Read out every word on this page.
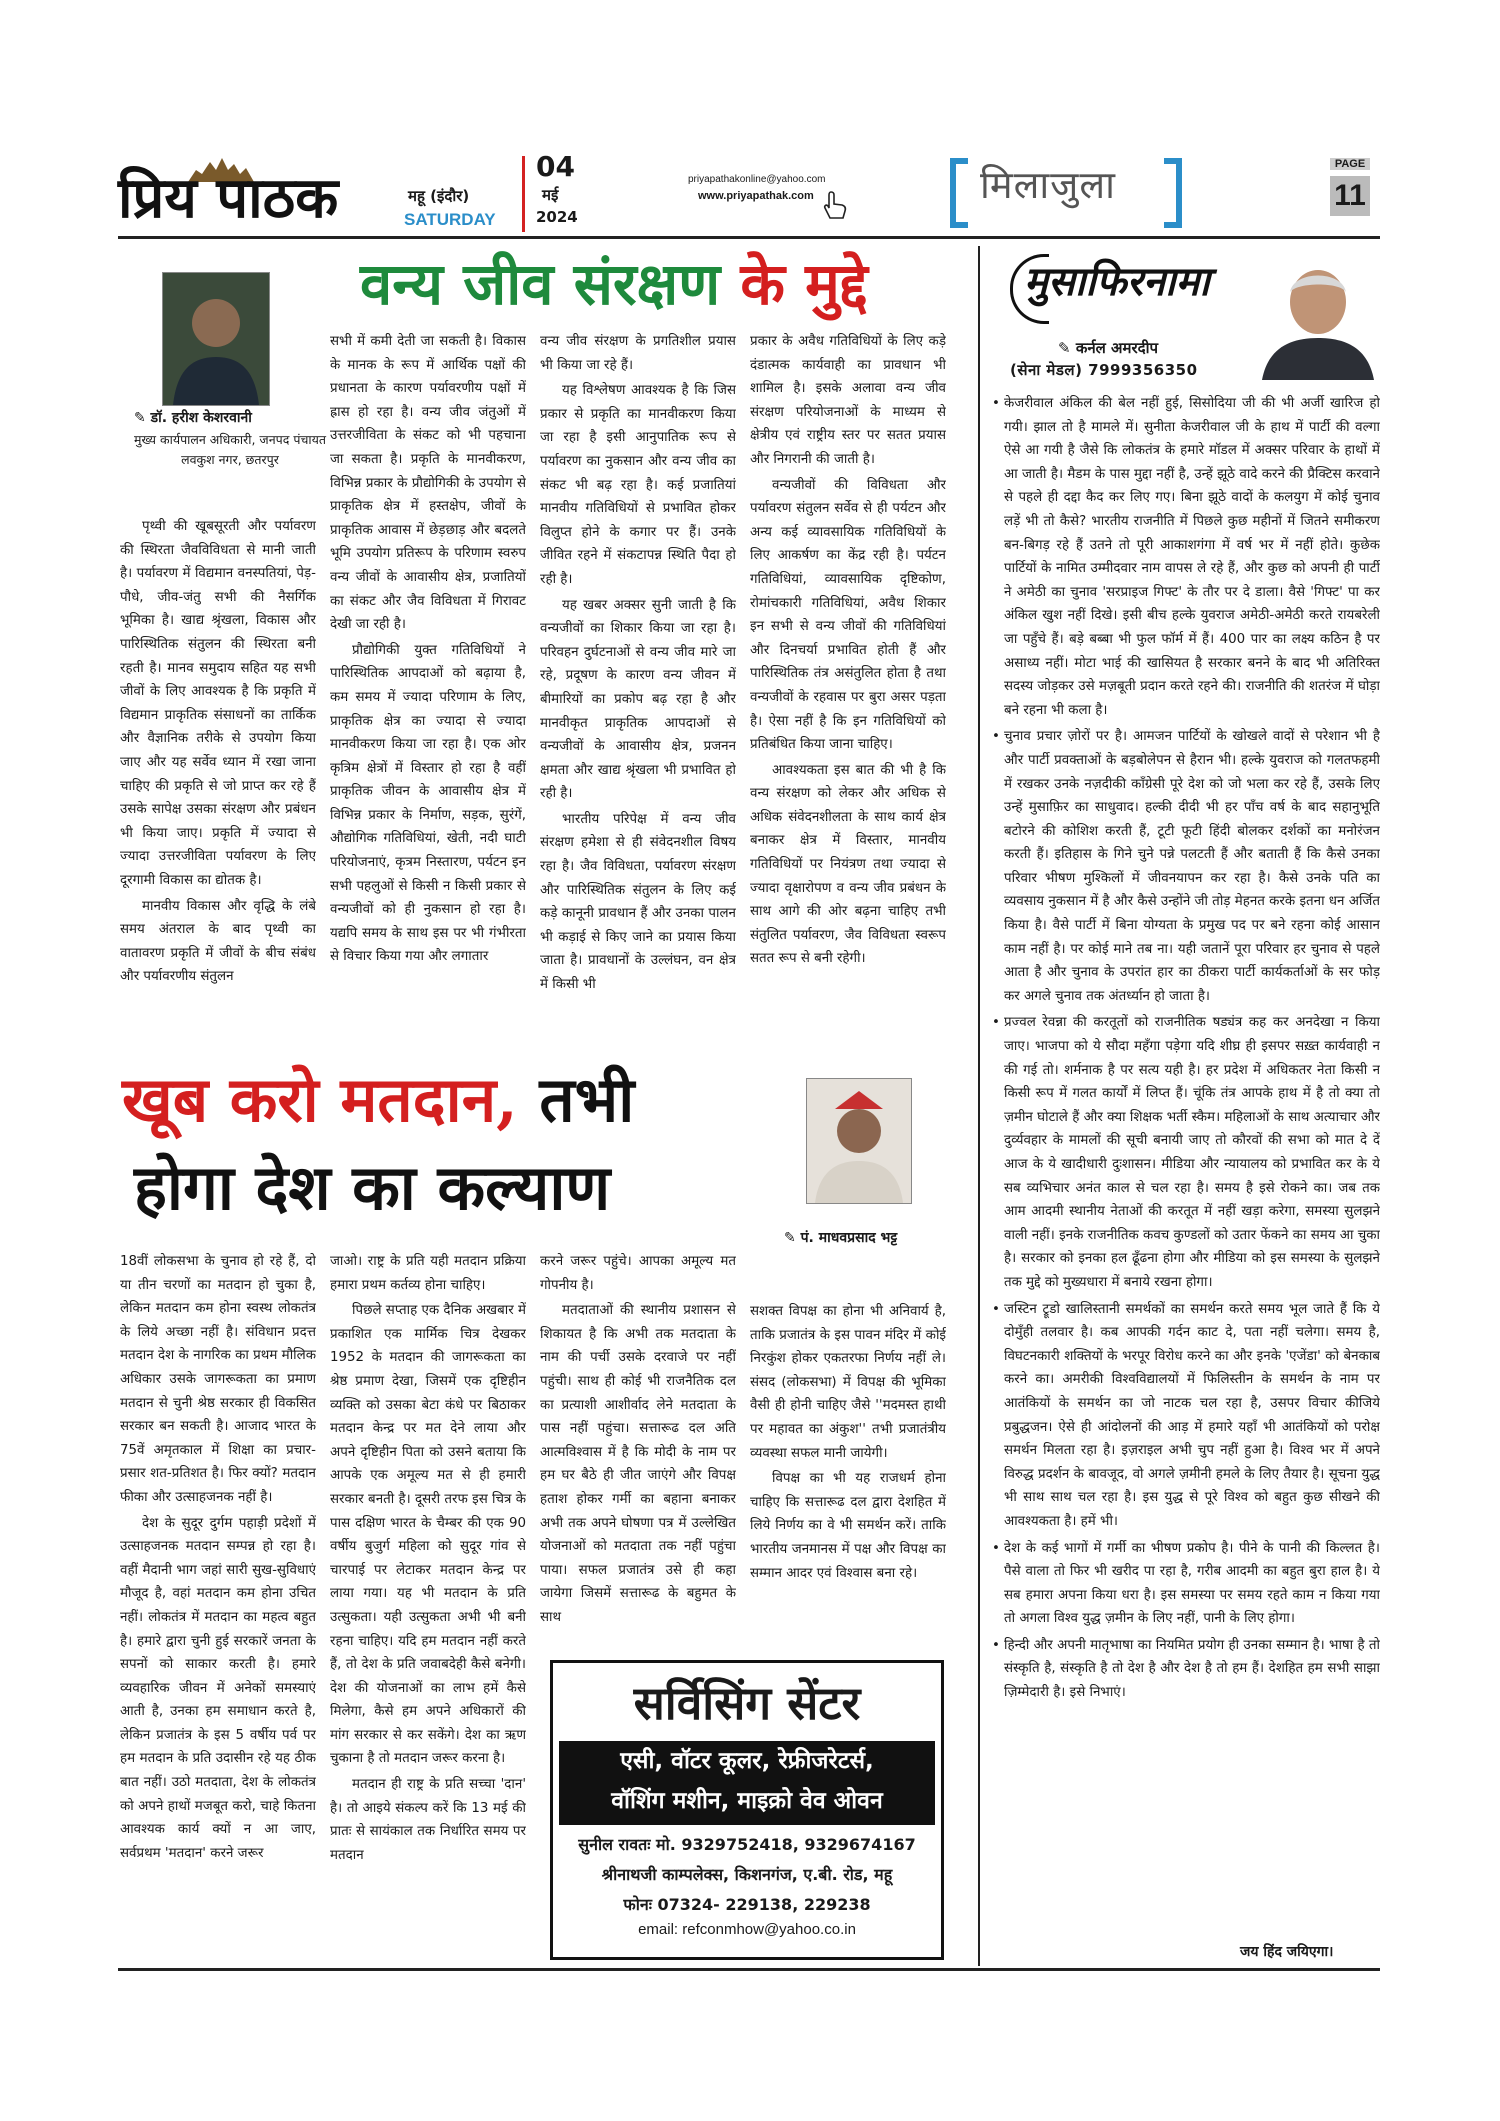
प्रिय पाठक	महू (इंदौर)
SATURDAY
04
मई
2024
priyapathakonline@yahoo.com
www.priyapathak.com	मिलाजुला	PAGE
11
वन्य जीव संरक्षण के मुद्दे
✎ डॉ. हरीश केशरवानी
मुख्य कार्यपालन अधिकारी, जनपद पंचायत लवकुश नगर, छतरपुर

पृथ्वी की खूबसूरती और पर्यावरण की स्थिरता जैवविविधता से मानी जाती है। पर्यावरण में विद्यमान वनस्पतियां, पेड़-पौधे, जीव-जंतु सभी की नैसर्गिक भूमिका है। खाद्य श्रृंखला, विकास और पारिस्थितिक संतुलन की स्थिरता बनी रहती है। मानव समुदाय सहित यह सभी जीवों के लिए आवश्यक है कि प्रकृति में विद्यमान प्राकृतिक संसाधनों का तार्किक और वैज्ञानिक तरीके से उपयोग किया जाए और यह सर्वेव ध्यान में रखा जाना चाहिए की प्रकृति से जो प्राप्त कर रहे हैं उसके सापेक्ष उसका संरक्षण और प्रबंधन भी किया जाए। प्रकृति में ज्यादा से ज्यादा उत्तरजीविता पर्यावरण के लिए दूरगामी विकास का द्योतक है।

मानवीय विकास और वृद्धि के लंबे समय अंतराल के बाद पृथ्वी का वातावरण प्रकृति में जीवों के बीच संबंध और पर्यावरणीय संतुलन

सभी में कमी देती जा सकती है। विकास के मानक के रूप में आर्थिक पक्षों की प्रधानता के कारण पर्यावरणीय पक्षों में ह्रास हो रहा है। वन्य जीव जंतुओं में उत्तरजीविता के संकट को भी पहचाना जा सकता है। प्रकृति के मानवीकरण, विभिन्न प्रकार के प्रौद्योगिकी के उपयोग से प्राकृतिक क्षेत्र में हस्तक्षेप, जीवों के प्राकृतिक आवास में छेड़छाड़ और बदलते भूमि उपयोग प्रतिरूप के परिणाम स्वरुप वन्य जीवों के आवासीय क्षेत्र, प्रजातियों का संकट और जैव विविधता में गिरावट देखी जा रही है।

प्रौद्योगिकी युक्त गतिविधियों ने पारिस्थितिक आपदाओं को बढ़ाया है, कम समय में ज्यादा परिणाम के लिए, प्राकृतिक क्षेत्र का ज्यादा से ज्यादा मानवीकरण किया जा रहा है। एक ओर कृत्रिम क्षेत्रों में विस्तार हो रहा है वहीं प्राकृतिक जीवन के आवासीय क्षेत्र में विभिन्न प्रकार के निर्माण, सड़क, सुरंगें, औद्योगिक गतिविधियां, खेती, नदी घाटी परियोजनाएं, कृत्रम निस्तारण, पर्यटन इन सभी पहलुओं से किसी न किसी प्रकार से वन्यजीवों को ही नुकसान हो रहा है। यद्यपि समय के साथ इस पर भी गंभीरता से विचार किया गया और लगातार

वन्य जीव संरक्षण के प्रगतिशील प्रयास भी किया जा रहे हैं।

यह विश्लेषण आवश्यक है कि जिस प्रकार से प्रकृति का मानवीकरण किया जा रहा है इसी आनुपातिक रूप से पर्यावरण का नुकसान और वन्य जीव का संकट भी बढ़ रहा है। कई प्रजातियां मानवीय गतिविधियों से प्रभावित होकर विलुप्त होने के कगार पर हैं। उनके जीवित रहने में संकटापन्न स्थिति पैदा हो रही है।

यह खबर अक्सर सुनी जाती है कि वन्यजीवों का शिकार किया जा रहा है। परिवहन दुर्घटनाओं से वन्य जीव मारे जा रहे, प्रदूषण के कारण वन्य जीवन में बीमारियों का प्रकोप बढ़ रहा है और मानवीकृत प्राकृतिक आपदाओं से वन्यजीवों के आवासीय क्षेत्र, प्रजनन क्षमता और खाद्य श्रृंखला भी प्रभावित हो रही है।

भारतीय परिपेक्ष में वन्य जीव संरक्षण हमेशा से ही संवेदनशील विषय रहा है। जैव विविधता, पर्यावरण संरक्षण और पारिस्थितिक संतुलन के लिए कई कड़े कानूनी प्रावधान हैं और उनका पालन भी कड़ाई से किए जाने का प्रयास किया जाता है। प्रावधानों के उल्लंघन, वन क्षेत्र में किसी भी

प्रकार के अवैध गतिविधियों के लिए कड़े दंडात्मक कार्यवाही का प्रावधान भी शामिल है। इसके अलावा वन्य जीव संरक्षण परियोजनाओं के माध्यम से क्षेत्रीय एवं राष्ट्रीय स्तर पर सतत प्रयास और निगरानी की जाती है।

वन्यजीवों की विविधता और पर्यावरण संतुलन सर्वेव से ही पर्यटन और अन्य कई व्यावसायिक गतिविधियों के लिए आकर्षण का केंद्र रही है। पर्यटन गतिविधियां, व्यावसायिक दृष्टिकोण, रोमांचकारी गतिविधियां, अवैध शिकार इन सभी से वन्य जीवों की गतिविधियां और दिनचर्या प्रभावित होती हैं और पारिस्थितिक तंत्र असंतुलित होता है तथा वन्यजीवों के रहवास पर बुरा असर पड़ता है। ऐसा नहीं है कि इन गतिविधियों को प्रतिबंधित किया जाना चाहिए।

आवश्यकता इस बात की भी है कि वन्य संरक्षण को लेकर और अधिक से अधिक संवेदनशीलता के साथ कार्य क्षेत्र बनाकर क्षेत्र में विस्तार, मानवीय गतिविधियों पर नियंत्रण तथा ज्यादा से ज्यादा वृक्षारोपण व वन्य जीव प्रबंधन के साथ आगे की ओर बढ़ना चाहिए तभी संतुलित पर्यावरण, जैव विविधता स्वरूप सतत रूप से बनी रहेगी।

खूब करो मतदान, तभी
होगा देश का कल्याण
✎ पं. माधवप्रसाद भट्ट

18वीं लोकसभा के चुनाव हो रहे हैं, दो या तीन चरणों का मतदान हो चुका है, लेकिन मतदान कम होना स्वस्थ लोकतंत्र के लिये अच्छा नहीं है। संविधान प्रदत्त मतदान देश के नागरिक का प्रथम मौलिक अधिकार उसके जागरूकता का प्रमाण मतदान से चुनी श्रेष्ठ सरकार ही विकसित सरकार बन सकती है। आजाद भारत के 75वें अमृतकाल में शिक्षा का प्रचार-प्रसार शत-प्रतिशत है। फिर क्यों? मतदान फीका और उत्साहजनक नहीं है।

देश के सुदूर दुर्गम पहाड़ी प्रदेशों में उत्साहजनक मतदान सम्पन्न हो रहा है। वहीं मैदानी भाग जहां सारी सुख-सुविधाएं मौजूद है, वहां मतदान कम होना उचित नहीं। लोकतंत्र में मतदान का महत्व बहुत है। हमारे द्वारा चुनी हुई सरकारें जनता के सपनों को साकार करती है। हमारे व्यवहारिक जीवन में अनेकों समस्याएं आती है, उनका हम समाधान करते है, लेकिन प्रजातंत्र के इस 5 वर्षीय पर्व पर हम मतदान के प्रति उदासीन रहे यह ठीक बात नहीं। उठो मतदाता, देश के लोकतंत्र को अपने हाथों मजबूत करो, चाहे कितना आवश्यक कार्य क्यों न आ जाए, सर्वप्रथम 'मतदान' करने जरूर

जाओ। राष्ट्र के प्रति यही मतदान प्रक्रिया हमारा प्रथम कर्तव्य होना चाहिए।

पिछले सप्ताह एक दैनिक अखबार में प्रकाशित एक मार्मिक चित्र देखकर 1952 के मतदान की जागरूकता का श्रेष्ठ प्रमाण देखा, जिसमें एक दृष्टिहीन व्यक्ति को उसका बेटा कंधे पर बिठाकर मतदान केन्द्र पर मत देने लाया और अपने दृष्टिहीन पिता को उसने बताया कि आपके एक अमूल्य मत से ही हमारी सरकार बनती है। दूसरी तरफ इस चित्र के पास दक्षिण भारत के चैम्बर की एक 90 वर्षीय बुजुर्ग महिला को सुदूर गांव से चारपाई पर लेटाकर मतदान केन्द्र पर लाया गया। यह भी मतदान के प्रति उत्सुकता। यही उत्सुकता अभी भी बनी रहना चाहिए। यदि हम मतदान नहीं करते हैं, तो देश के प्रति जवाबदेही कैसे बनेगी। देश की योजनाओं का लाभ हमें कैसे मिलेगा, कैसे हम अपने अधिकारों की मांग सरकार से कर सकेंगे। देश का ऋण चुकाना है तो मतदान जरूर करना है।

मतदान ही राष्ट्र के प्रति सच्चा 'दान' है। तो आइये संकल्प करें कि 13 मई की प्रातः से सायंकाल तक निर्धारित समय पर मतदान

करने जरूर पहुंचे। आपका अमूल्य मत गोपनीय है।

मतदाताओं की स्थानीय प्रशासन से शिकायत है कि अभी तक मतदाता के नाम की पर्ची उसके दरवाजे पर नहीं पहुंची। साथ ही कोई भी राजनैतिक दल का प्रत्याशी आशीर्वाद लेने मतदाता के पास नहीं पहुंचा। सत्तारूढ दल अति आत्मविश्वास में है कि मोदी के नाम पर हम घर बैठे ही जीत जाएंगे और विपक्ष हताश होकर गर्मी का बहाना बनाकर अभी तक अपने घोषणा पत्र में उल्लेखित योजनाओं को मतदाता तक नहीं पहुंचा पाया। सफल प्रजातंत्र उसे ही कहा जायेगा जिसमें सत्तारूढ के बहुमत के साथ

सशक्त विपक्ष का होना भी अनिवार्य है, ताकि प्रजातंत्र के इस पावन मंदिर में कोई निरकुंश होकर एकतरफा निर्णय नहीं ले। संसद (लोकसभा) में विपक्ष की भूमिका वैसी ही होनी चाहिए जैसे ''मदमस्त हाथी पर महावत का अंकुश'' तभी प्रजातंत्रीय व्यवस्था सफल मानी जायेगी।

विपक्ष का भी यह राजधर्म होना चाहिए कि सत्तारूढ दल द्वारा देशहित में लिये निर्णय का वे भी समर्थन करें। ताकि भारतीय जनमानस में पक्ष और विपक्ष का सम्मान आदर एवं विश्वास बना रहे।

सर्विसिंग सेंटर
एसी, वॉटर कूलर, रेफ्रीजरेटर्स,
वॉशिंग मशीन, माइक्रो वेव ओवन
सुनील रावतः मो. 9329752418, 9329674167
श्रीनाथजी काम्पलेक्स, किशनगंज, ए.बी. रोड, महू
फोनः 07324- 229138, 229238
email: refconmhow@yahoo.co.in
मुसाफिरनामा
✎ कर्नल अमरदीप
(सेना मेडल) 7999356350
• केजरीवाल अंकिल की बेल नहीं हुई, सिसोदिया जी की भी अर्जी खारिज हो गयी। झाल तो है मामले में। सुनीता केजरीवाल जी के हाथ में पार्टी की वल्गा ऐसे आ गयी है जैसे कि लोकतंत्र के हमारे मॉडल में अक्सर परिवार के हाथों में आ जाती है। मैडम के पास मुद्दा नहीं है, उन्हें झूठे वादे करने की प्रैक्टिस करवाने से पहले ही दद्दा कैद कर लिए गए। बिना झूठे वादों के कलयुग में कोई चुनाव लड़ें भी तो कैसे? भारतीय राजनीति में पिछले कुछ महीनों में जितने समीकरण बन-बिगड़ रहे हैं उतने तो पूरी आकाशगंगा में वर्ष भर में नहीं होते। कुछेक पार्टियों के नामित उम्मीदवार नाम वापस ले रहे हैं, और कुछ को अपनी ही पार्टी ने अमेठी का चुनाव 'सरप्राइज गिफ्ट' के तौर पर दे डाला। वैसे 'गिफ्ट' पा कर अंकिल खुश नहीं दिखे। इसी बीच हल्के युवराज अमेठी-अमेठी करते रायबरेली जा पहुँचे हैं। बड़े बब्बा भी फुल फॉर्म में हैं। 400 पार का लक्ष्य कठिन है पर असाध्य नहीं। मोटा भाई की खासियत है सरकार बनने के बाद भी अतिरिक्त सदस्य जोड़कर उसे मज़बूती प्रदान करते रहने की। राजनीति की शतरंज में घोड़ा बने रहना भी कला है।
• चुनाव प्रचार ज़ोरों पर है। आमजन पार्टियों के खोखले वादों से परेशान भी है और पार्टी प्रवक्ताओं के बड़बोलेपन से हैरान भी। हल्के युवराज को गलतफहमी में रखकर उनके नज़दीकी कॉंग्रेसी पूरे देश को जो भला कर रहे हैं, उसके लिए उन्हें मुसाफ़िर का साधुवाद। हल्की दीदी भी हर पाँच वर्ष के बाद सहानुभूति बटोरने की कोशिश करती हैं, टूटी फूटी हिंदी बोलकर दर्शकों का मनोरंजन करती हैं। इतिहास के गिने चुने पन्ने पलटती हैं और बताती हैं कि कैसे उनका परिवार भीषण मुश्किलों में जीवनयापन कर रहा है। कैसे उनके पति का व्यवसाय नुकसान में है और कैसे उन्होंने जी तोड़ मेहनत करके इतना धन अर्जित किया है। वैसे पार्टी में बिना योग्यता के प्रमुख पद पर बने रहना कोई आसान काम नहीं है। पर कोई माने तब ना। यही जतानें पूरा परिवार हर चुनाव से पहले आता है और चुनाव के उपरांत हार का ठीकरा पार्टी कार्यकर्ताओं के सर फोड़ कर अगले चुनाव तक अंतर्ध्यान हो जाता है।
• प्रज्वल रेवन्ना की करतूतों को राजनीतिक षड्यंत्र कह कर अनदेखा न किया जाए। भाजपा को ये सौदा महँगा पड़ेगा यदि शीघ्र ही इसपर सख़्त कार्यवाही न की गई तो। शर्मनाक है पर सत्य यही है। हर प्रदेश में अधिकतर नेता किसी न किसी रूप में गलत कार्यों में लिप्त हैं। चूंकि तंत्र आपके हाथ में है तो क्या तो ज़मीन घोटाले हैं और क्या शिक्षक भर्ती स्कैम। महिलाओं के साथ अत्याचार और दुर्व्यवहार के मामलों की सूची बनायी जाए तो कौरवों की सभा को मात दे दें आज के ये खादीधारी दुःशासन। मीडिया और न्यायालय को प्रभावित कर के ये सब व्यभिचार अनंत काल से चल रहा है। समय है इसे रोकने का। जब तक आम आदमी स्थानीय नेताओं की करतूत में नहीं खड़ा करेगा, समस्या सुलझने वाली नहीं। इनके राजनीतिक कवच कुण्डलों को उतार फेंकने का समय आ चुका है। सरकार को इनका हल ढूँढना होगा और मीडिया को इस समस्या के सुलझने तक मुद्दे को मुख्यधारा में बनाये रखना होगा।
• जस्टिन ट्रूडो खालिस्तानी समर्थकों का समर्थन करते समय भूल जाते हैं कि ये दोमुँही तलवार है। कब आपकी गर्दन काट दे, पता नहीं चलेगा। समय है, विघटनकारी शक्तियों के भरपूर विरोध करने का और इनके 'एजेंडा' को बेनकाब करने का। अमरीकी विश्वविद्यालयों में फिलिस्तीन के समर्थन के नाम पर आतंकियों के समर्थन का जो नाटक चल रहा है, उसपर विचार कीजिये प्रबुद्धजन। ऐसे ही आंदोलनों की आड़ में हमारे यहाँ भी आतंकियों को परोक्ष समर्थन मिलता रहा है। इज़राइल अभी चुप नहीं हुआ है। विश्व भर में अपने विरुद्ध प्रदर्शन के बावजूद, वो अगले ज़मीनी हमले के लिए तैयार है। सूचना युद्ध भी साथ साथ चल रहा है। इस युद्ध से पूरे विश्व को बहुत कुछ सीखने की आवश्यकता है। हमें भी।
• देश के कई भागों में गर्मी का भीषण प्रकोप है। पीने के पानी की किल्लत है। पैसे वाला तो फिर भी खरीद पा रहा है, गरीब आदमी का बहुत बुरा हाल है। ये सब हमारा अपना किया धरा है। इस समस्या पर समय रहते काम न किया गया तो अगला विश्व युद्ध ज़मीन के लिए नहीं, पानी के लिए होगा।
• हिन्दी और अपनी मातृभाषा का नियमित प्रयोग ही उनका सम्मान है। भाषा है तो संस्कृति है, संस्कृति है तो देश है और देश है तो हम हैं। देशहित हम सभी साझा ज़िम्मेदारी है। इसे निभाएं।
जय हिंद जयिएगा।
